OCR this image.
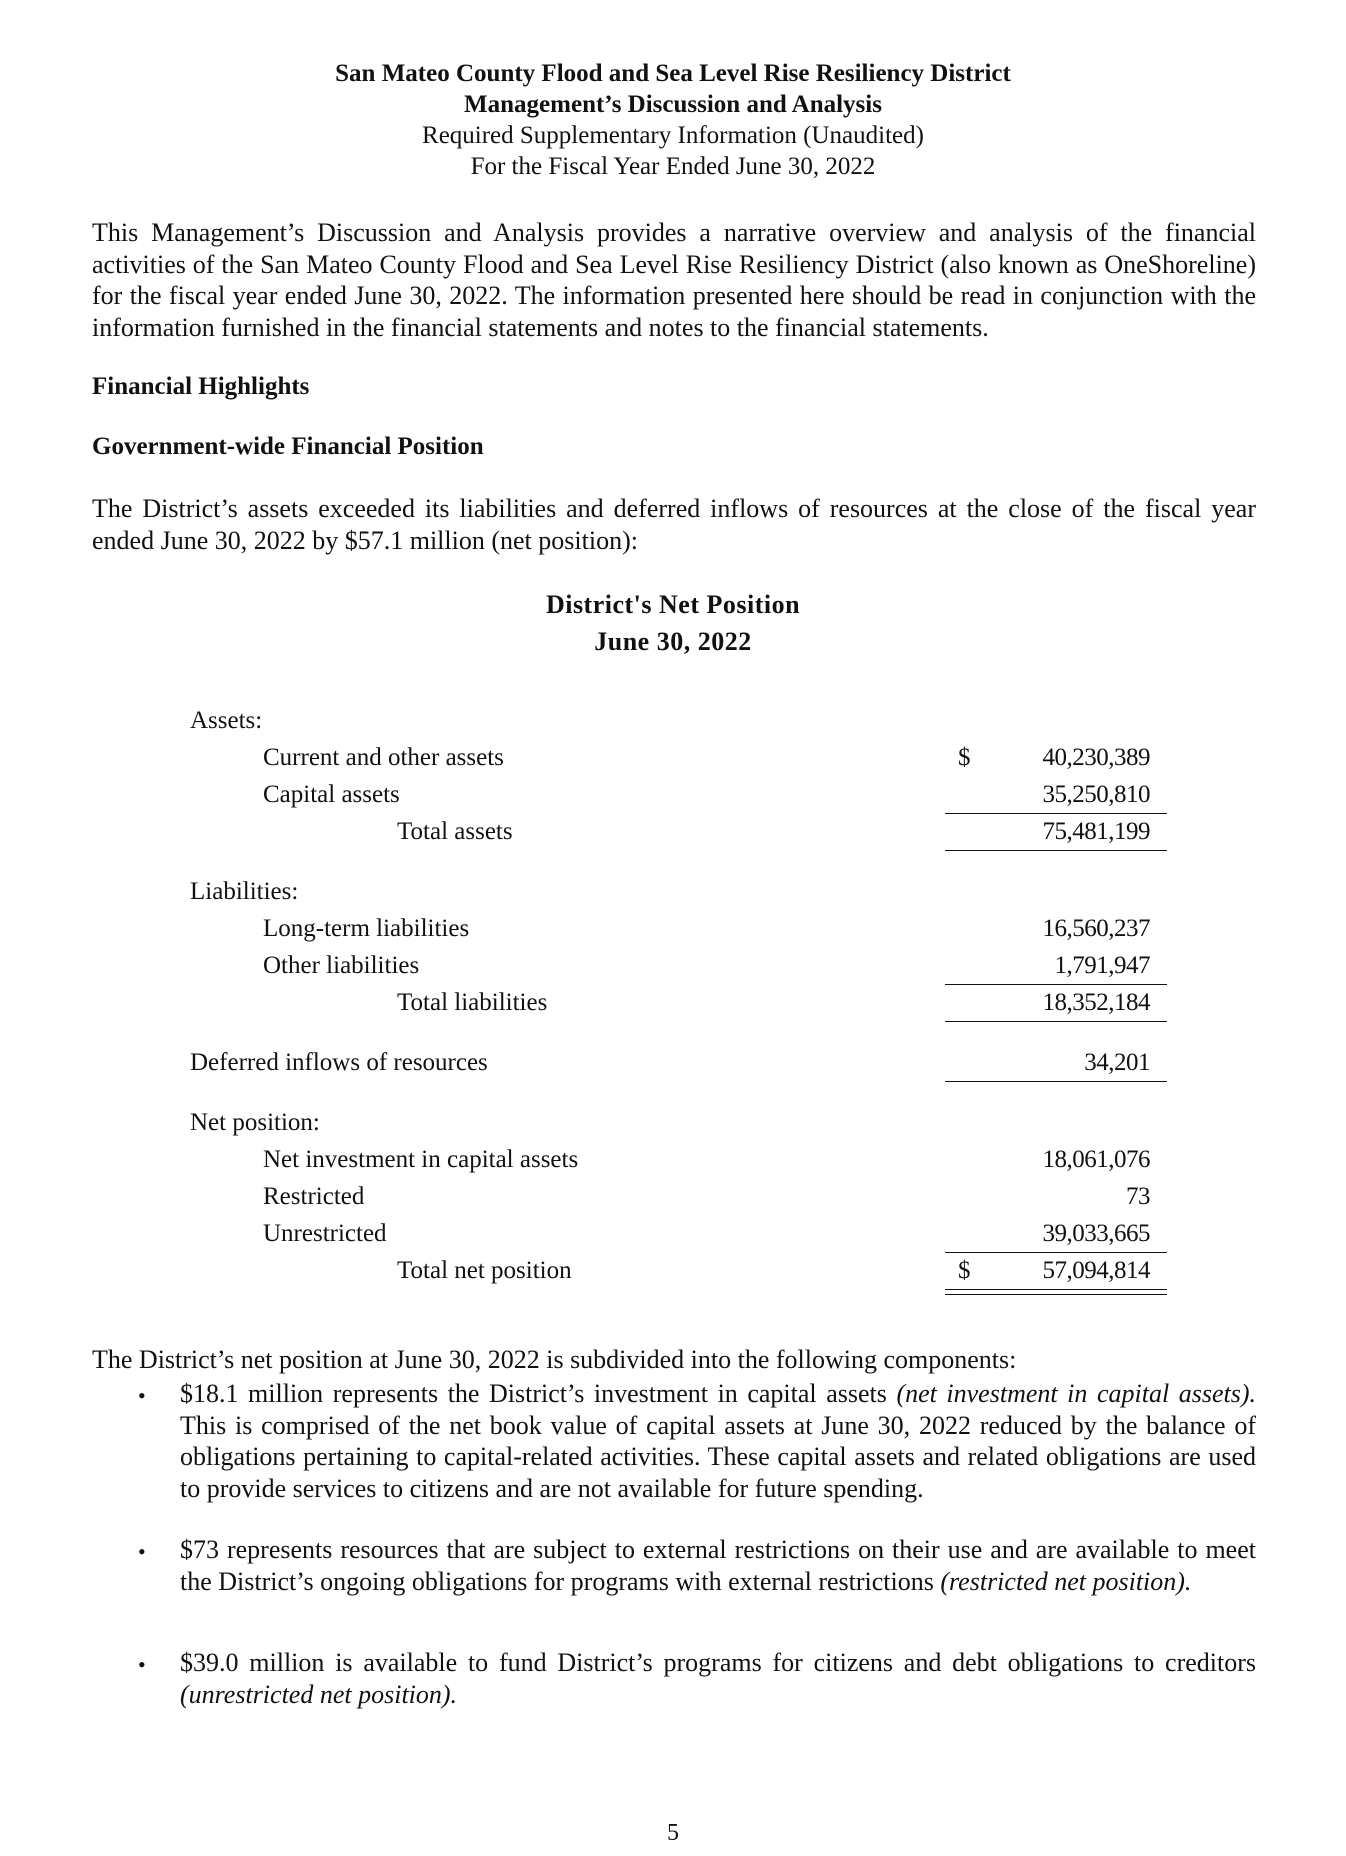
San Mateo County Flood and Sea Level Rise Resiliency District
Management’s Discussion and Analysis
Required Supplementary Information (Unaudited)
For the Fiscal Year Ended June 30, 2022
This Management’s Discussion and Analysis provides a narrative overview and analysis of the financial activities of the San Mateo County Flood and Sea Level Rise Resiliency District (also known as OneShoreline) for the fiscal year ended June 30, 2022. The information presented here should be read in conjunction with the information furnished in the financial statements and notes to the financial statements.
Financial Highlights
Government-wide Financial Position
The District’s assets exceeded its liabilities and deferred inflows of resources at the close of the fiscal year ended June 30, 2022 by $57.1 million (net position):
District's Net Position
June 30, 2022
Assets:
Current and other assets	$	40,230,389
Capital assets	35,250,810
Total assets	75,481,199
Liabilities:
Long-term liabilities	16,560,237
Other liabilities	1,791,947
Total liabilities	18,352,184
Deferred inflows of resources	34,201
Net position:
Net investment in capital assets	18,061,076
Restricted	73
Unrestricted	39,033,665
Total net position	$	57,094,814
The District’s net position at June 30, 2022 is subdivided into the following components:
• $18.1 million represents the District’s investment in capital assets (net investment in capital assets). This is comprised of the net book value of capital assets at June 30, 2022 reduced by the balance of obligations pertaining to capital-related activities. These capital assets and related obligations are used to provide services to citizens and are not available for future spending.
• $73 represents resources that are subject to external restrictions on their use and are available to meet the District’s ongoing obligations for programs with external restrictions (restricted net position).
• $39.0 million is available to fund District’s programs for citizens and debt obligations to creditors (unrestricted net position).
5
